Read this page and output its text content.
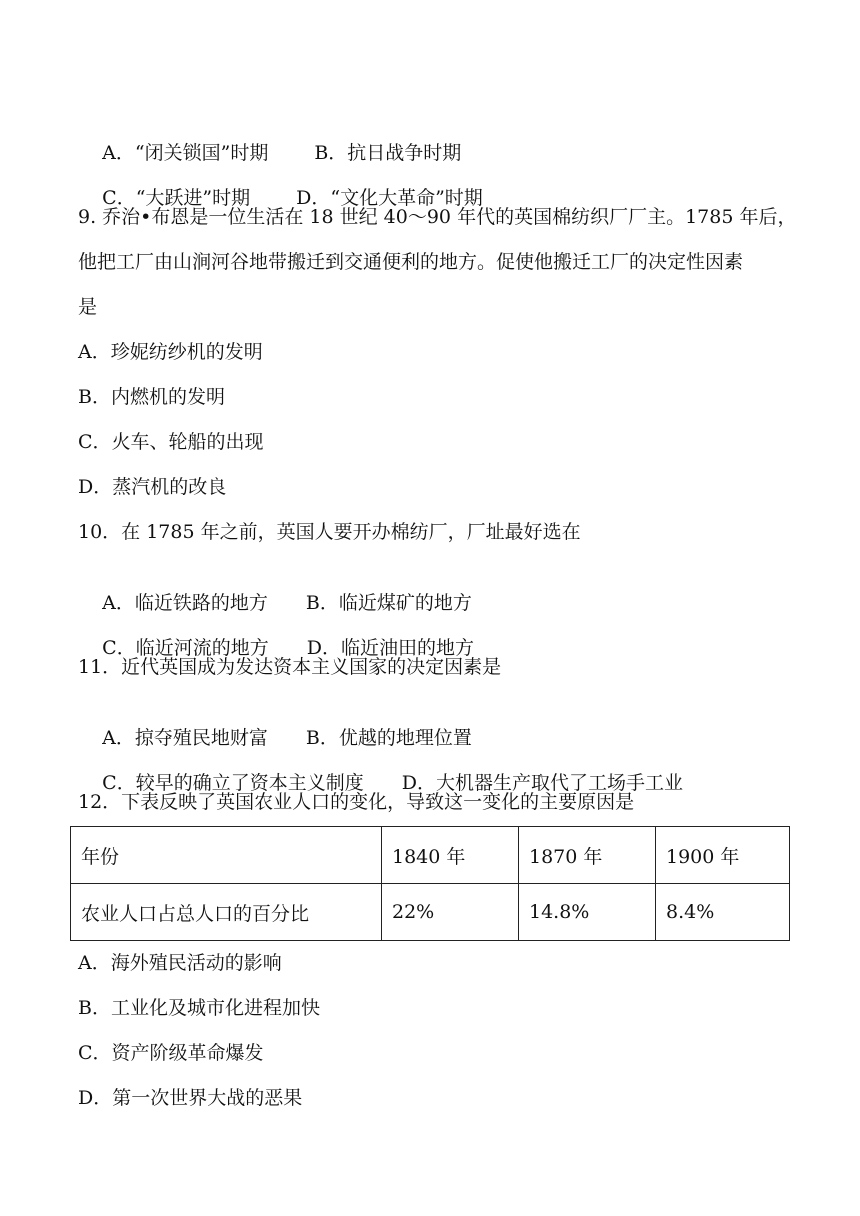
A．“闭关锁国”时期 B．抗日战争时期

C．“大跃进”时期 D．“文化大革命”时期

9. 乔治•布恩是一位生活在 18 世纪 40～90 年代的英国棉纺织厂厂主。1785 年后，
他把工厂由山涧河谷地带搬迁到交通便利的地方。促使他搬迁工厂的决定性因素
是
A．珍妮纺纱机的发明
B．内燃机的发明
C．火车、轮船的出现
D．蒸汽机的改良
10．在 1785 年之前，英国人要开办棉纺厂，厂址最好选在

A．临近铁路的地方 B．临近煤矿的地方

C．临近河流的地方 D．临近油田的地方

11．近代英国成为发达资本主义国家的决定因素是

A．掠夺殖民地财富 B．优越的地理位置

C．较早的确立了资本主义制度 D．大机器生产取代了工场手工业

12．下表反映了英国农业人口的变化，导致这一变化的主要原因是
年份	1840 年	1870 年	1900 年
农业人口占总人口的百分比	22%	14.8%	8.4%
A．海外殖民活动的影响
B．工业化及城市化进程加快
C．资产阶级革命爆发
D．第一次世界大战的恶果
